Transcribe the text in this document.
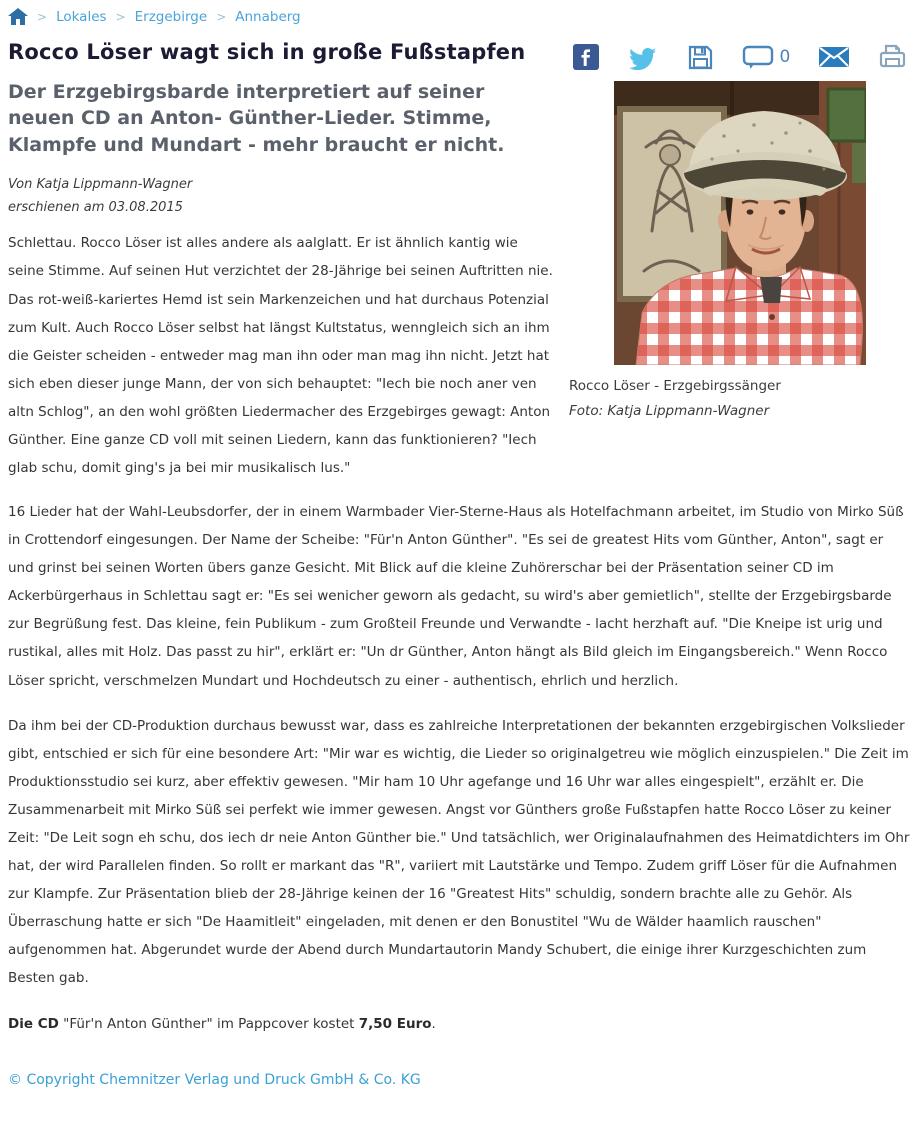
> Lokales > Erzgebirge > Annaberg
Rocco Löser wagt sich in große Fußstapfen
Der Erzgebirgsbarde interpretiert auf seiner neuen CD an Anton- Günther-Lieder. Stimme, Klampfe und Mundart - mehr braucht er nicht.
Von Katja Lippmann-Wagner
erschienen am 03.08.2015

Schlettau. Rocco Löser ist alles andere als aalglatt. Er ist ähnlich kantig wie seine Stimme. Auf seinen Hut verzichtet der 28-Jährige bei seinen Auftritten nie. Das rot-weiß-kariertes Hemd ist sein Markenzeichen und hat durchaus Potenzial zum Kult. Auch Rocco Löser selbst hat längst Kultstatus, wenngleich sich an ihm die Geister scheiden - entweder mag man ihn oder man mag ihn nicht. Jetzt hat sich eben dieser junge Mann, der von sich behauptet: "Iech bie noch aner ven altn Schlog", an den wohl größten Liedermacher des Erzgebirges gewagt: Anton Günther. Eine ganze CD voll mit seinen Liedern, kann das funktionieren? "Iech glab schu, domit ging's ja bei mir musikalisch lus."

0
Rocco Löser - Erzgebirgssänger
Foto: Katja Lippmann-Wagner

16 Lieder hat der Wahl-Leubsdorfer, der in einem Warmbader Vier-Sterne-Haus als Hotelfachmann arbeitet, im Studio von Mirko Süß in Crottendorf eingesungen. Der Name der Scheibe: "Für'n Anton Günther". "Es sei de greatest Hits vom Günther, Anton", sagt er und grinst bei seinen Worten übers ganze Gesicht. Mit Blick auf die kleine Zuhörerschar bei der Präsentation seiner CD im Ackerbürgerhaus in Schlettau sagt er: "Es sei wenicher geworn als gedacht, su wird's aber gemietlich", stellte der Erzgebirgsbarde zur Begrüßung fest. Das kleine, fein Publikum - zum Großteil Freunde und Verwandte - lacht herzhaft auf. "Die Kneipe ist urig und rustikal, alles mit Holz. Das passt zu hir", erklärt er: "Un dr Günther, Anton hängt als Bild gleich im Eingangsbereich." Wenn Rocco Löser spricht, verschmelzen Mundart und Hochdeutsch zu einer - authentisch, ehrlich und herzlich.

Da ihm bei der CD-Produktion durchaus bewusst war, dass es zahlreiche Interpretationen der bekannten erzgebirgischen Volkslieder gibt, entschied er sich für eine besondere Art: "Mir war es wichtig, die Lieder so originalgetreu wie möglich einzuspielen." Die Zeit im Produktionsstudio sei kurz, aber effektiv gewesen. "Mir ham 10 Uhr agefange und 16 Uhr war alles eingespielt", erzählt er. Die Zusammenarbeit mit Mirko Süß sei perfekt wie immer gewesen. Angst vor Günthers große Fußstapfen hatte Rocco Löser zu keiner Zeit: "De Leit sogn eh schu, dos iech dr neie Anton Günther bie." Und tatsächlich, wer Originalaufnahmen des Heimatdichters im Ohr hat, der wird Parallelen finden. So rollt er markant das "R", variiert mit Lautstärke und Tempo. Zudem griff Löser für die Aufnahmen zur Klampfe. Zur Präsentation blieb der 28-Jährige keinen der 16 "Greatest Hits" schuldig, sondern brachte alle zu Gehör. Als Überraschung hatte er sich "De Haamitleit" eingeladen, mit denen er den Bonustitel "Wu de Wälder haamlich rauschen" aufgenommen hat. Abgerundet wurde der Abend durch Mundartautorin Mandy Schubert, die einige ihrer Kurzgeschichten zum Besten gab.

Die CD "Für'n Anton Günther" im Pappcover kostet 7,50 Euro.

© Copyright Chemnitzer Verlag und Druck GmbH & Co. KG
